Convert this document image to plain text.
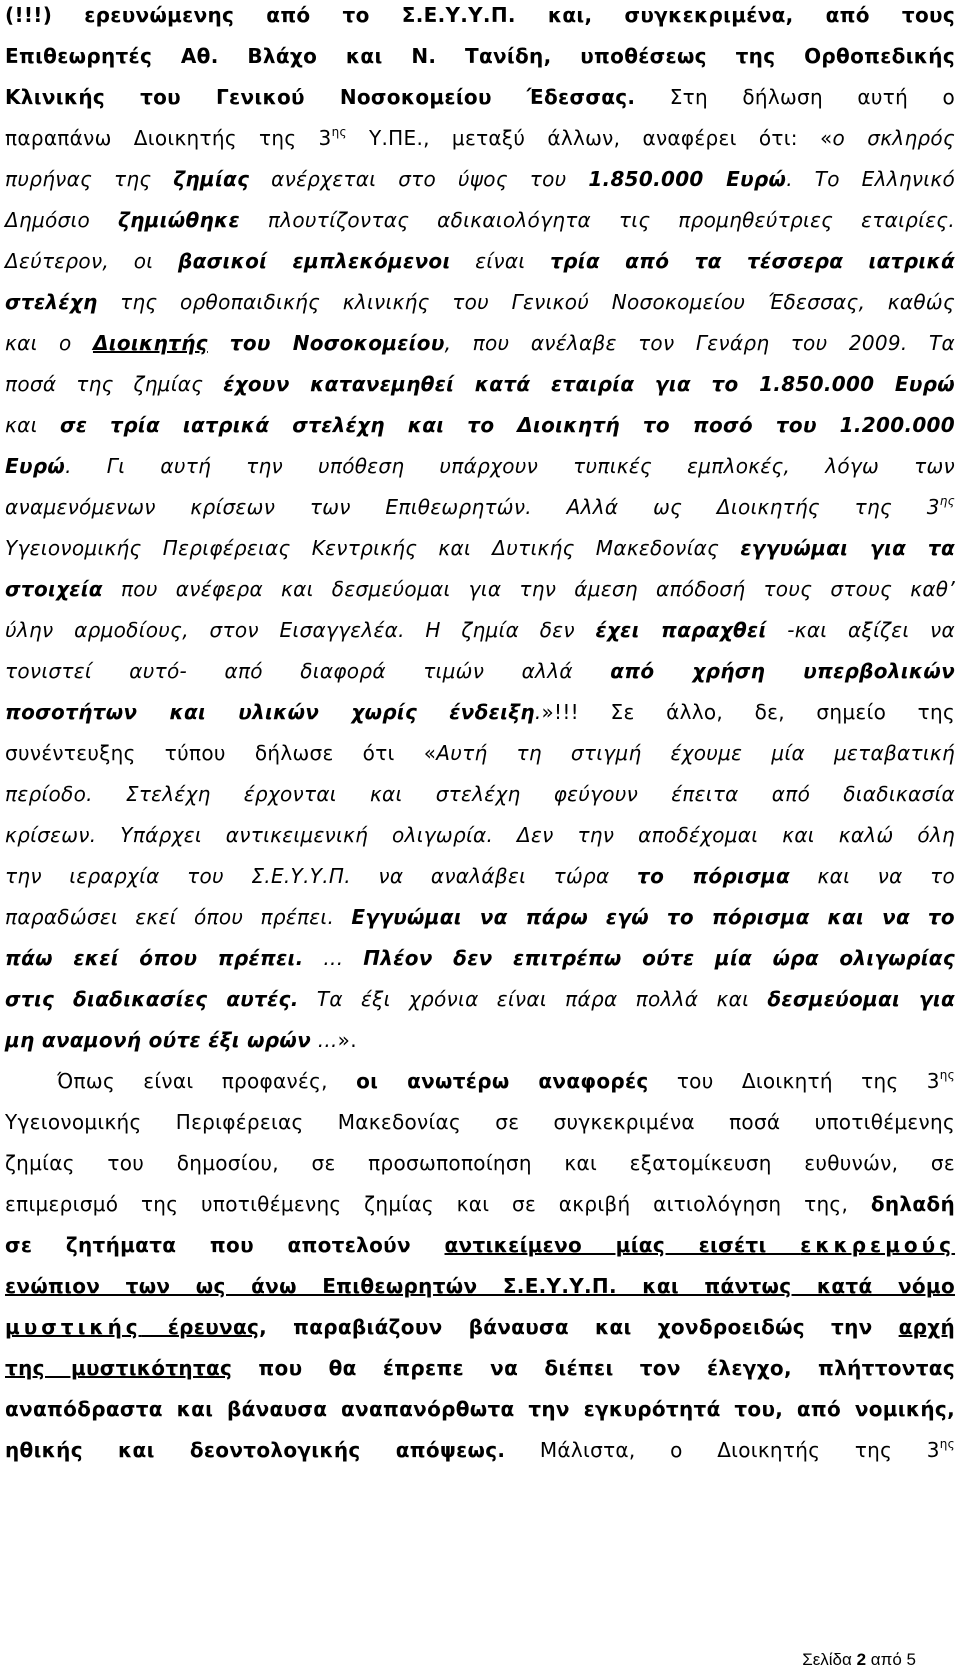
(!!!) ερευνώμενης από το Σ.Ε.Υ.Υ.Π. και, συγκεκριμένα, από τους
Επιθεωρητές Αθ. Βλάχο και Ν. Τανίδη, υποθέσεως της Ορθοπεδικής
Κλινικής του Γενικού Νοσοκομείου Έδεσσας. Στη δήλωση αυτή ο
παραπάνω Διοικητής της $3^{\eta\varsigma}$ Υ.ΠΕ., μεταξύ άλλων, αναφέρει ότι: «ο σκληρός
πυρήνας της ζημίας ανέρχεται στο ύψος του 1.850.000 Ευρώ. Το Ελληνικό
Δημόσιο ζημιώθηκε πλουτίζοντας αδικαιολόγητα τις προμηθεύτριες εταιρίες.
Δεύτερον, οι βασικοί εμπλεκόμενοι είναι τρία από τα τέσσερα ιατρικά
στελέχη της ορθοπαιδικής κλινικής του Γενικού Νοσοκομείου Έδεσσας, καθώς
και ο Διοικητής του Νοσοκομείου, που ανέλαβε τον Γενάρη του 2009. Τα
ποσά της ζημίας έχουν κατανεμηθεί κατά εταιρία για το 1.850.000 Ευρώ
και σε τρία ιατρικά στελέχη και το Διοικητή το ποσό του 1.200.000
Ευρώ. Γι αυτή την υπόθεση υπάρχουν τυπικές εμπλοκές, λόγω των
αναμενόμενων κρίσεων των Επιθεωρητών. Αλλά ως Διοικητής της $3^{\eta\varsigma}$
Υγειονομικής Περιφέρειας Κεντρικής και Δυτικής Μακεδονίας εγγυώμαι για τα
στοιχεία που ανέφερα και δεσμεύομαι για την άμεση απόδοσή τους στους καθ’
ύλην αρμοδίους, στον Εισαγγελέα. Η ζημία δεν έχει παραχθεί -και αξίζει να
τονιστεί αυτό- από διαφορά τιμών αλλά από χρήση υπερβολικών
ποσοτήτων και υλικών χωρίς ένδειξη.»!!! Σε άλλο, δε, σημείο της
συνέντευξης τύπου δήλωσε ότι «Αυτή τη στιγμή έχουμε μία μεταβατική
περίοδο. Στελέχη έρχονται και στελέχη φεύγουν έπειτα από διαδικασία
κρίσεων. Υπάρχει αντικειμενική ολιγωρία. Δεν την αποδέχομαι και καλώ όλη
την ιεραρχία του Σ.Ε.Υ.Υ.Π. να αναλάβει τώρα το πόρισμα και να το
παραδώσει εκεί όπου πρέπει. Εγγυώμαι να πάρω εγώ το πόρισμα και να το
πάω εκεί όπου πρέπει. ... Πλέον δεν επιτρέπω ούτε μία ώρα ολιγωρίας
στις διαδικασίες αυτές. Τα έξι χρόνια είναι πάρα πολλά και δεσμεύομαι για
μη αναμονή ούτε έξι ωρών ...».
Όπως είναι προφανές, οι ανωτέρω αναφορές του Διοικητή της $3^{\eta\varsigma}$
Υγειονομικής Περιφέρειας Μακεδονίας σε συγκεκριμένα ποσά υποτιθέμενης
ζημίας του δημοσίου, σε προσωποποίηση και εξατομίκευση ευθυνών, σε
επιμερισμό της υποτιθέμενης ζημίας και σε ακριβή αιτιολόγηση της, δηλαδή
σε ζητήματα που αποτελούν αντικείμενο μίας εισέτι εκκρεμούς
ενώπιον των ως άνω Επιθεωρητών Σ.Ε.Υ.Υ.Π. και πάντως κατά νόμο
μυστικής έρευνας, παραβιάζουν βάναυσα και χονδροειδώς την αρχή
της μυστικότητας που θα έπρεπε να διέπει τον έλεγχο, πλήττοντας
αναπόδραστα και βάναυσα αναπανόρθωτα την εγκυρότητά του, από νομικής,
ηθικής και δεοντολογικής απόψεως. Μάλιστα, ο Διοικητής της $3^{\eta\varsigma}$
Σελίδα 2 από 5
